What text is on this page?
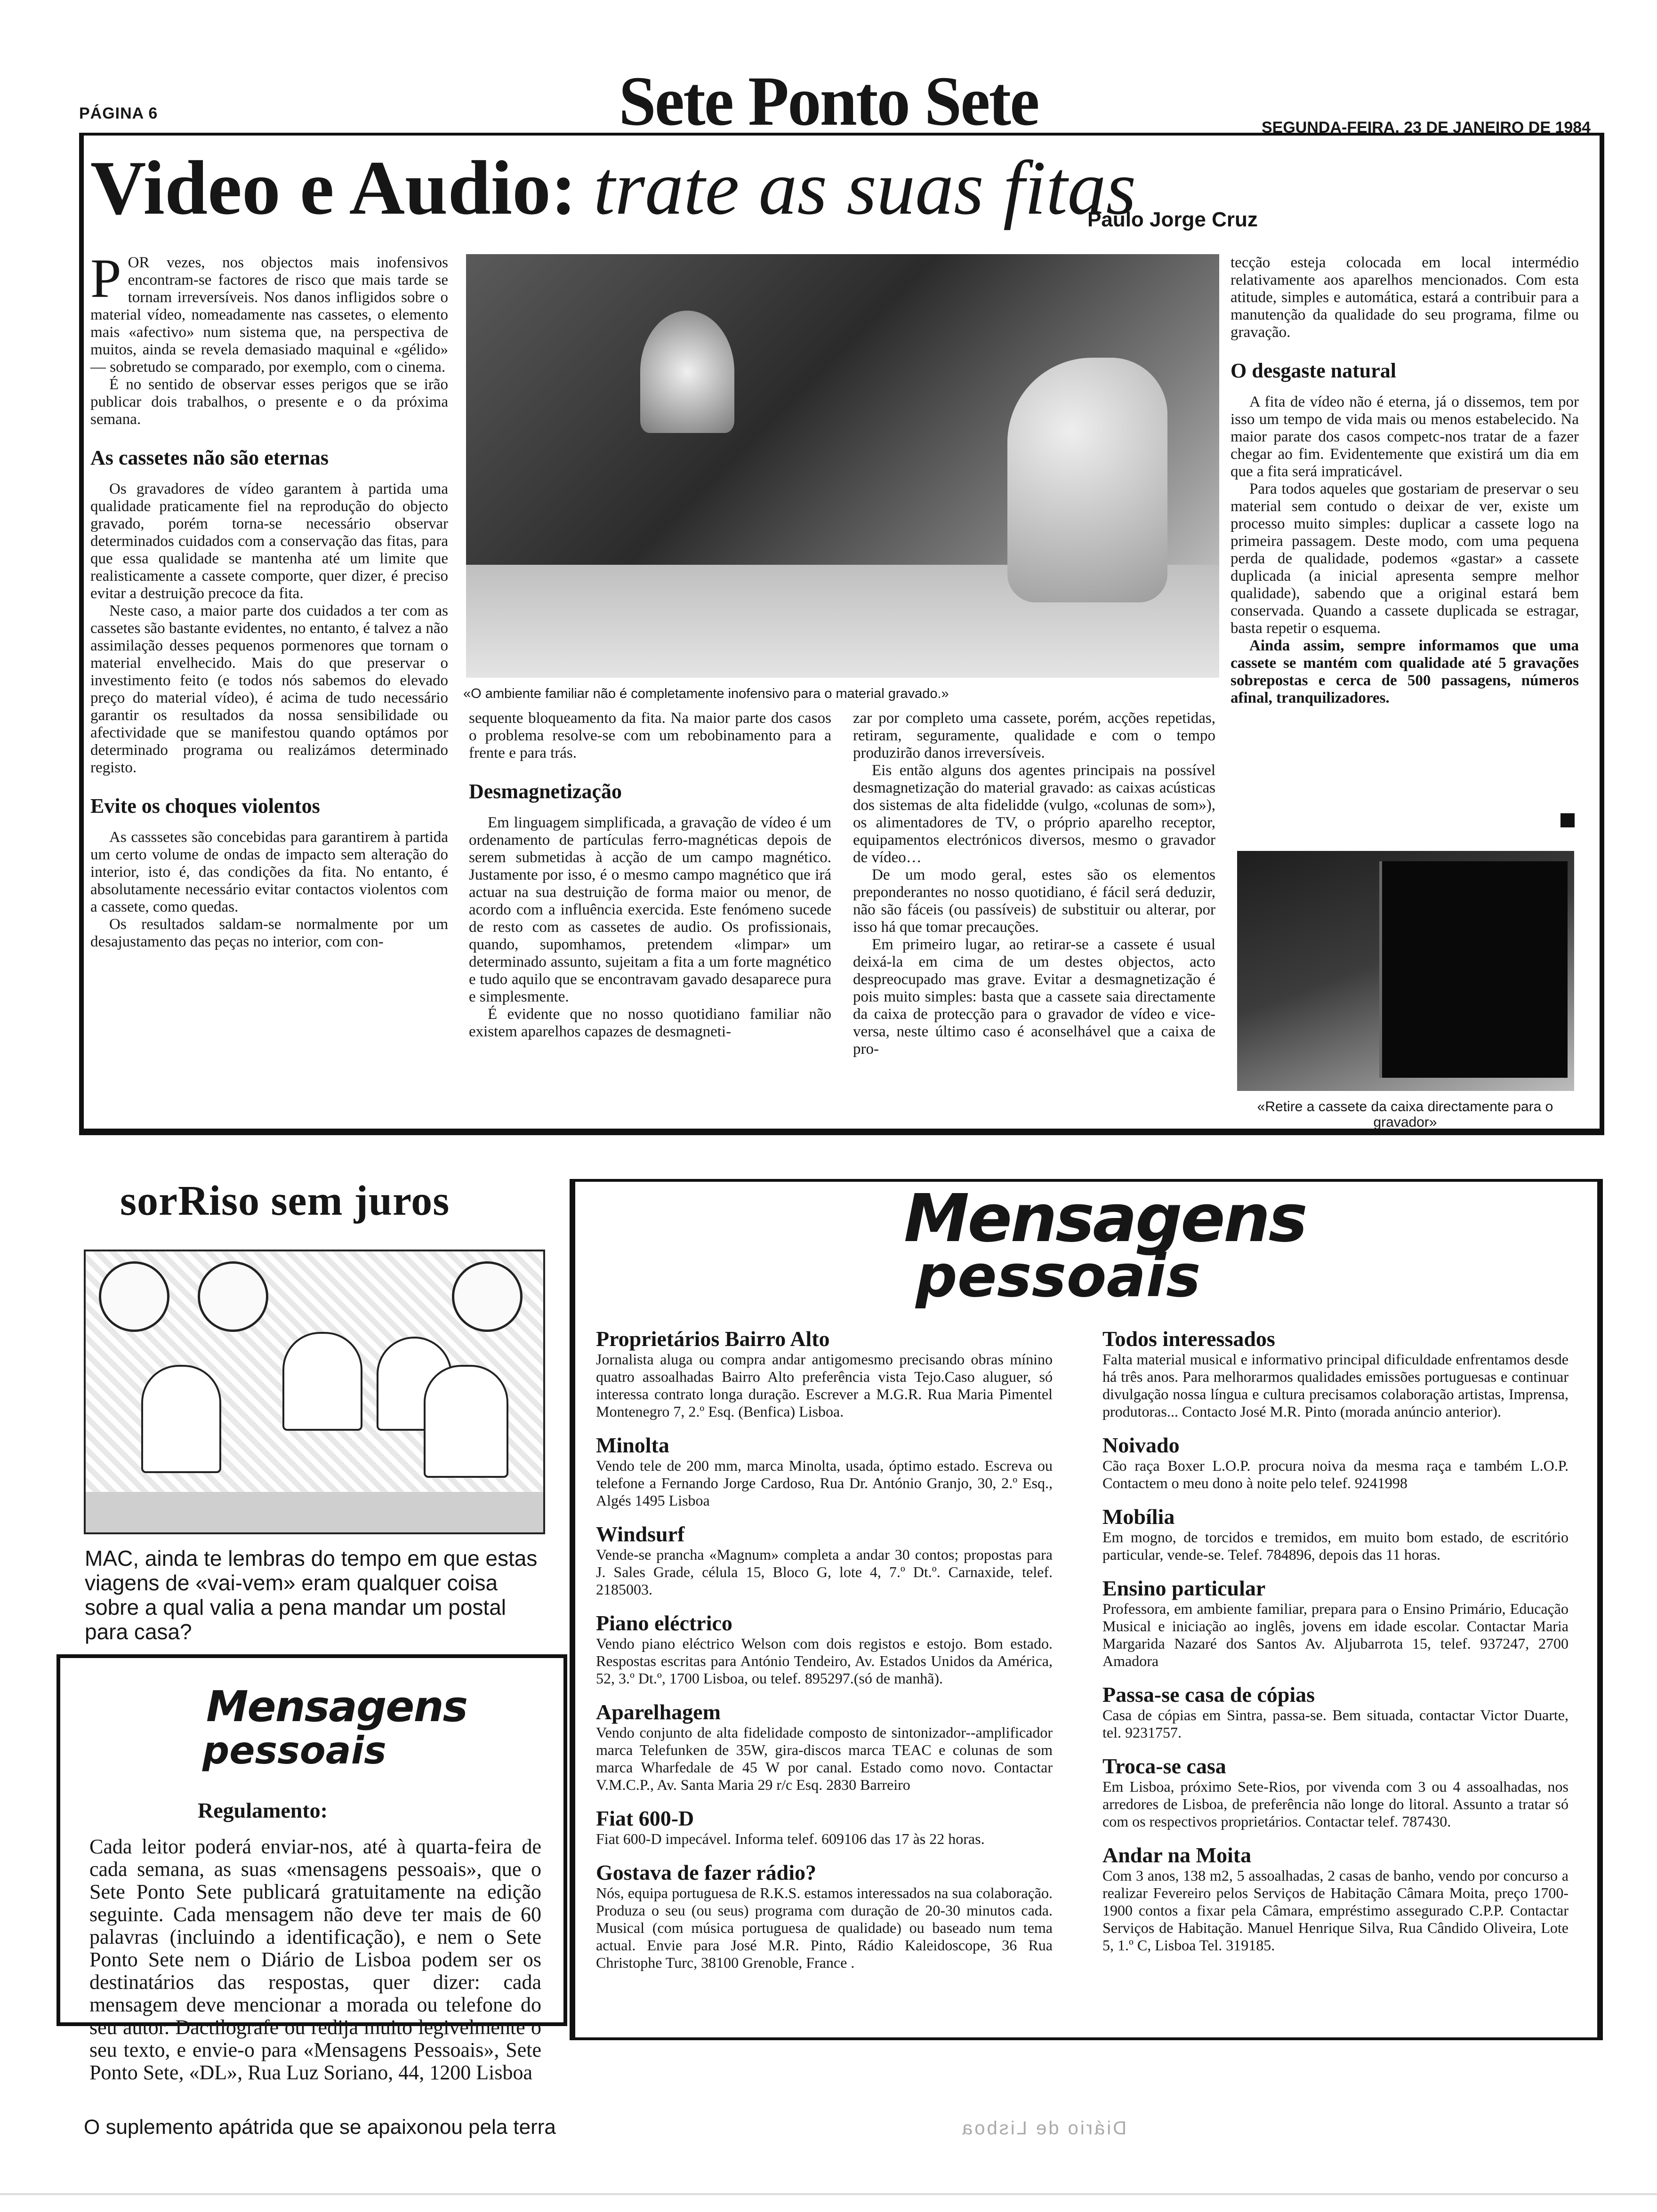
PÁGINA 6	Sete Ponto Sete	SEGUNDA-FEIRA, 23 DE JANEIRO DE 1984
Video e Audio: trate as suas fitas
Paulo Jorge Cruz

POR vezes, nos objectos mais inofensivos encontram-se factores de risco que mais tarde se tornam irreversíveis. Nos danos infligidos sobre o material vídeo, nomeadamente nas cassetes, o elemento mais «afectivo» num sistema que, na perspectiva de muitos, ainda se revela demasiado maquinal e «gélido» — sobretudo se comparado, por exemplo, com o cinema.

É no sentido de observar esses perigos que se irão publicar dois trabalhos, o presente e o da próxima semana.

As cassetes não são eternas

Os gravadores de vídeo garantem à partida uma qualidade praticamente fiel na reprodução do objecto gravado, porém torna-se necessário observar determinados cuidados com a conservação das fitas, para que essa qualidade se mantenha até um limite que realisticamente a cassete comporte, quer dizer, é preciso evitar a destruição precoce da fita.

Neste caso, a maior parte dos cuidados a ter com as cassetes são bastante evidentes, no entanto, é talvez a não assimilação desses pequenos pormenores que tornam o material envelhecido. Mais do que preservar o investimento feito (e todos nós sabemos do elevado preço do material vídeo), é acima de tudo necessário garantir os resultados da nossa sensibilidade ou afectividade que se manifestou quando optámos por determinado programa ou realizámos determinado registo.

Evite os choques violentos

As casssetes são concebidas para garantirem à partida um certo volume de ondas de impacto sem alteração do interior, isto é, das condições da fita. No entanto, é absolutamente necessário evitar contactos violentos com a cassete, como quedas.

Os resultados saldam-se normalmente por um desajustamento das peças no interior, com con-

«O ambiente familiar não é completamente inofensivo para o material gravado.»

sequente bloqueamento da fita. Na maior parte dos casos o problema resolve-se com um rebobinamento para a frente e para trás.

Desmagnetização

Em linguagem simplificada, a gravação de vídeo é um ordenamento de partículas ferro-magnéticas depois de serem submetidas à acção de um campo magnético. Justamente por isso, é o mesmo campo magnético que irá actuar na sua destruição de forma maior ou menor, de acordo com a influência exercida. Este fenómeno sucede de resto com as cassetes de audio. Os profissionais, quando, supomhamos, pretendem «limpar» um determinado assunto, sujeitam a fita a um forte magnético e tudo aquilo que se encontravam gavado desaparece pura e simplesmente.

É evidente que no nosso quotidiano familiar não existem aparelhos capazes de desmagneti-

zar por completo uma cassete, porém, acções repetidas, retiram, seguramente, qualidade e com o tempo produzirão danos irreversíveis.

Eis então alguns dos agentes principais na possível desmagnetização do material gravado: as caixas acústicas dos sistemas de alta fidelidde (vulgo, «colunas de som»), os alimentadores de TV, o próprio aparelho receptor, equipamentos electrónicos diversos, mesmo o gravador de vídeo…

De um modo geral, estes são os elementos preponderantes no nosso quotidiano, é fácil será deduzir, não são fáceis (ou passíveis) de substituir ou alterar, por isso há que tomar precauções.

Em primeiro lugar, ao retirar-se a cassete é usual deixá-la em cima de um destes objectos, acto despreocupado mas grave. Evitar a desmagnetização é pois muito simples: basta que a cassete saia directamente da caixa de protecção para o gravador de vídeo e vice-versa, neste último caso é aconselhável que a caixa de pro-

tecção esteja colocada em local intermédio relativamente aos aparelhos mencionados. Com esta atitude, simples e automática, estará a contribuir para a manutenção da qualidade do seu programa, filme ou gravação.

O desgaste natural

A fita de vídeo não é eterna, já o dissemos, tem por isso um tempo de vida mais ou menos estabelecido. Na maior parate dos casos competc-nos tratar de a fazer chegar ao fim. Evidentemente que existirá um dia em que a fita será impraticável.

Para todos aqueles que gostariam de preservar o seu material sem contudo o deixar de ver, existe um processo muito simples: duplicar a cassete logo na primeira passagem. Deste modo, com uma pequena perda de qualidade, podemos «gastar» a cassete duplicada (a inicial apresenta sempre melhor qualidade), sabendo que a original estará bem conservada. Quando a cassete duplicada se estragar, basta repetir o esquema.

Ainda assim, sempre informamos que uma cassete se mantém com qualidade até 5 gravações sobrepostas e cerca de 500 passagens, números afinal, tranquilizadores.

«Retire a cassete da caixa directamente para o gravador»
sorRiso sem juros
MAC, ainda te lembras do tempo em que estas viagens de «vai-vem» eram qualquer coisa sobre a qual valia a pena mandar um postal para casa?
Mensagens
pessoais
Regulamento:
Cada leitor poderá enviar-nos, até à quarta-feira de cada semana, as suas «mensagens pessoais», que o Sete Ponto Sete publicará gratuitamente na edição seguinte. Cada mensagem não deve ter mais de 60 palavras (incluindo a identificação), e nem o Sete Ponto Sete nem o Diário de Lisboa podem ser os destinatários das respostas, quer dizer: cada mensagem deve mencionar a morada ou telefone do seu autor. Dactilografe ou redija muito legivelmente o seu texto, e envie-o para «Mensagens Pessoais», Sete Ponto Sete, «DL», Rua Luz Soriano, 44, 1200 Lisboa
Mensagens
pessoais
Proprietários Bairro Alto

Jornalista aluga ou compra andar antigomesmo precisando obras mínino quatro assoalhadas Bairro Alto preferência vista Tejo.Caso aluguer, só interessa contrato longa duração. Escrever a M.G.R. Rua Maria Pimentel Montenegro 7, 2.º Esq. (Benfica) Lisboa.

Minolta

Vendo tele de 200 mm, marca Minolta, usada, óptimo estado. Escreva ou telefone a Fernando Jorge Cardoso, Rua Dr. António Granjo, 30, 2.º Esq., Algés 1495 Lisboa

Windsurf

Vende-se prancha «Magnum» completa a andar 30 contos; propostas para J. Sales Grade, célula 15, Bloco G, lote 4, 7.º Dt.º. Carnaxide, telef. 2185003.

Piano eléctrico

Vendo piano eléctrico Welson com dois registos e estojo. Bom estado. Respostas escritas para António Tendeiro, Av. Estados Unidos da América, 52, 3.º Dt.º, 1700 Lisboa, ou telef. 895297.(só de manhã).

Aparelhagem

Vendo conjunto de alta fidelidade composto de sintonizador--amplificador marca Telefunken de 35W, gira-discos marca TEAC e colunas de som marca Wharfedale de 45 W por canal. Estado como novo. Contactar V.M.C.P., Av. Santa Maria 29 r/c Esq. 2830 Barreiro

Fiat 600-D

Fiat 600-D impecável. Informa telef. 609106 das 17 às 22 horas.

Gostava de fazer rádio?

Nós, equipa portuguesa de R.K.S. estamos interessados na sua colaboração. Produza o seu (ou seus) programa com duração de 20-30 minutos cada. Musical (com música portuguesa de qualidade) ou baseado num tema actual. Envie para José M.R. Pinto, Rádio Kaleidoscope, 36 Rua Christophe Turc, 38100 Grenoble, France .

Todos interessados

Falta material musical e informativo principal dificuldade enfrentamos desde há três anos. Para melhorarmos qualidades emissões portuguesas e continuar divulgação nossa língua e cultura precisamos colaboração artistas, Imprensa, produtoras... Contacto José M.R. Pinto (morada anúncio anterior).

Noivado

Cão raça Boxer L.O.P. procura noiva da mesma raça e também L.O.P. Contactem o meu dono à noite pelo telef. 9241998

Mobília

Em mogno, de torcidos e tremidos, em muito bom estado, de escritório particular, vende-se. Telef. 784896, depois das 11 horas.

Ensino particular

Professora, em ambiente familiar, prepara para o Ensino Primário, Educação Musical e iniciação ao inglês, jovens em idade escolar. Contactar Maria Margarida Nazaré dos Santos Av. Aljubarrota 15, telef. 937247, 2700 Amadora

Passa-se casa de cópias

Casa de cópias em Sintra, passa-se. Bem situada, contactar Victor Duarte, tel. 9231757.

Troca-se casa

Em Lisboa, próximo Sete-Rios, por vivenda com 3 ou 4 assoalhadas, nos arredores de Lisboa, de preferência não longe do litoral. Assunto a tratar só com os respectivos proprietários. Contactar telef. 787430.

Andar na Moita

Com 3 anos, 138 m2, 5 assoalhadas, 2 casas de banho, vendo por concurso a realizar Fevereiro pelos Serviços de Habitação Câmara Moita, preço 1700-1900 contos a fixar pela Câmara, empréstimo assegurado C.P.P. Contactar Serviços de Habitação. Manuel Henrique Silva, Rua Cândido Oliveira, Lote 5, 1.º C, Lisboa Tel. 319185.

O suplemento apátrida que se apaixonou pela terra	Diário de Lisboa
